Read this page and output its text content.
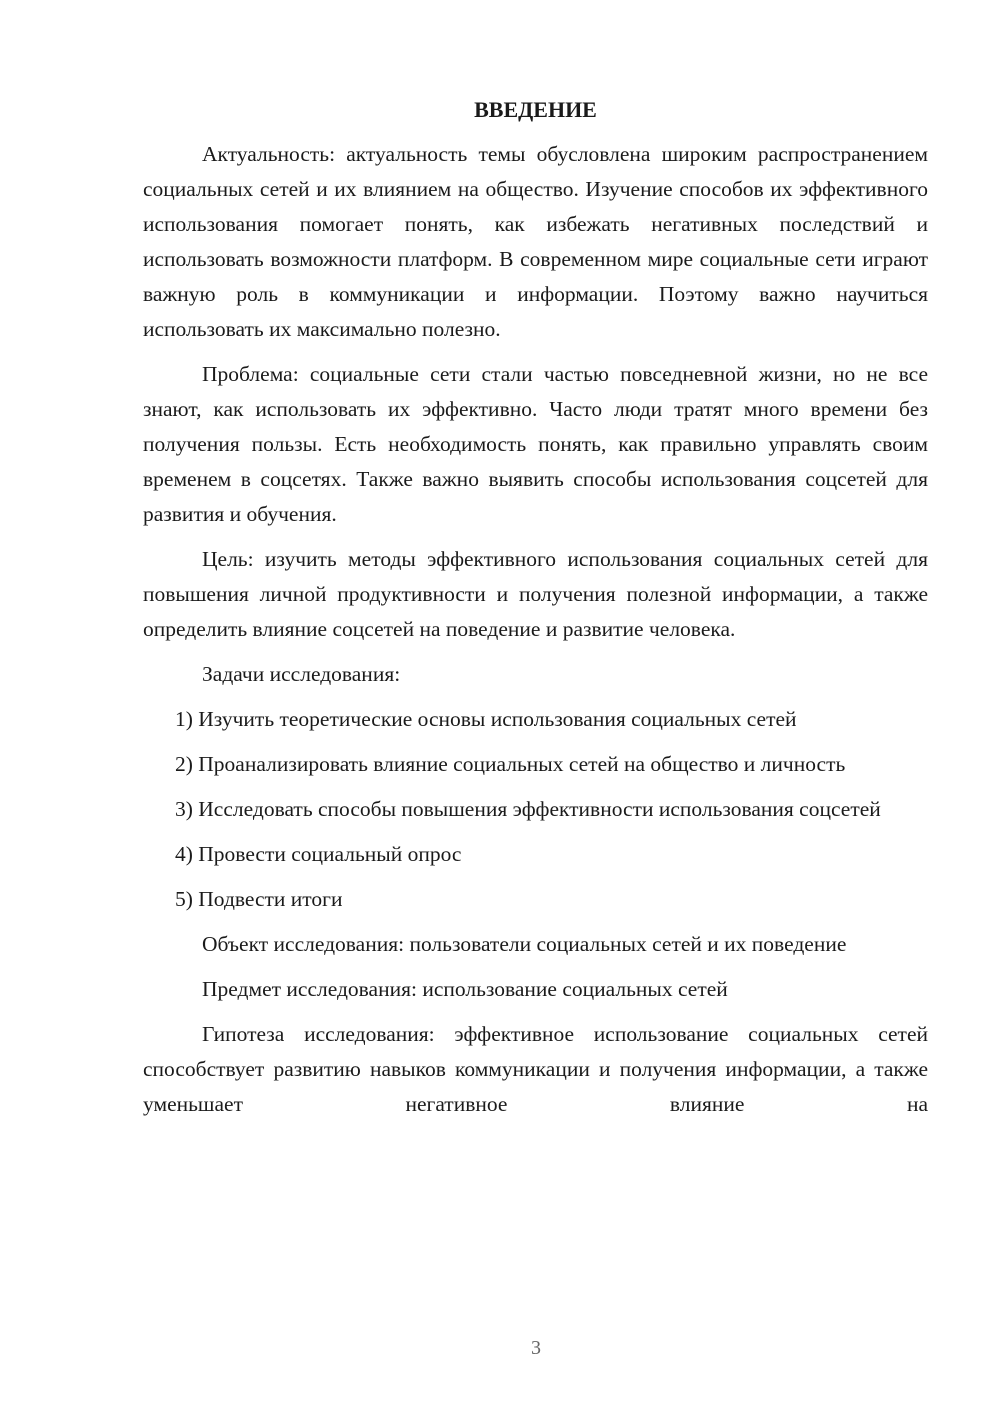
ВВЕДЕНИЕ

Актуальность: актуальность темы обусловлена широким распространением социальных сетей и их влиянием на общество. Изучение способов их эффективного использования помогает понять, как избежать негативных последствий и использовать возможности платформ. В современном мире социальные сети играют важную роль в коммуникации и информации. Поэтому важно научиться использовать их максимально полезно.

Проблема: социальные сети стали частью повседневной жизни, но не все знают, как использовать их эффективно. Часто люди тратят много времени без получения пользы. Есть необходимость понять, как правильно управлять своим временем в соцсетях. Также важно выявить способы использования соцсетей для развития и обучения.

Цель: изучить методы эффективного использования социальных сетей для повышения личной продуктивности и получения полезной информации, а также определить влияние соцсетей на поведение и развитие человека.

Задачи исследования:

1) Изучить теоретические основы использования социальных сетей

2) Проанализировать влияние социальных сетей на общество и личность

3) Исследовать способы повышения эффективности использования соцсетей

4) Провести социальный опрос

5) Подвести итоги

Объект исследования: пользователи социальных сетей и их поведение

Предмет исследования: использование социальных сетей

Гипотеза исследования: эффективное использование социальных сетей способствует развитию навыков коммуникации и получения информации, а также уменьшает негативное влияние на

3
